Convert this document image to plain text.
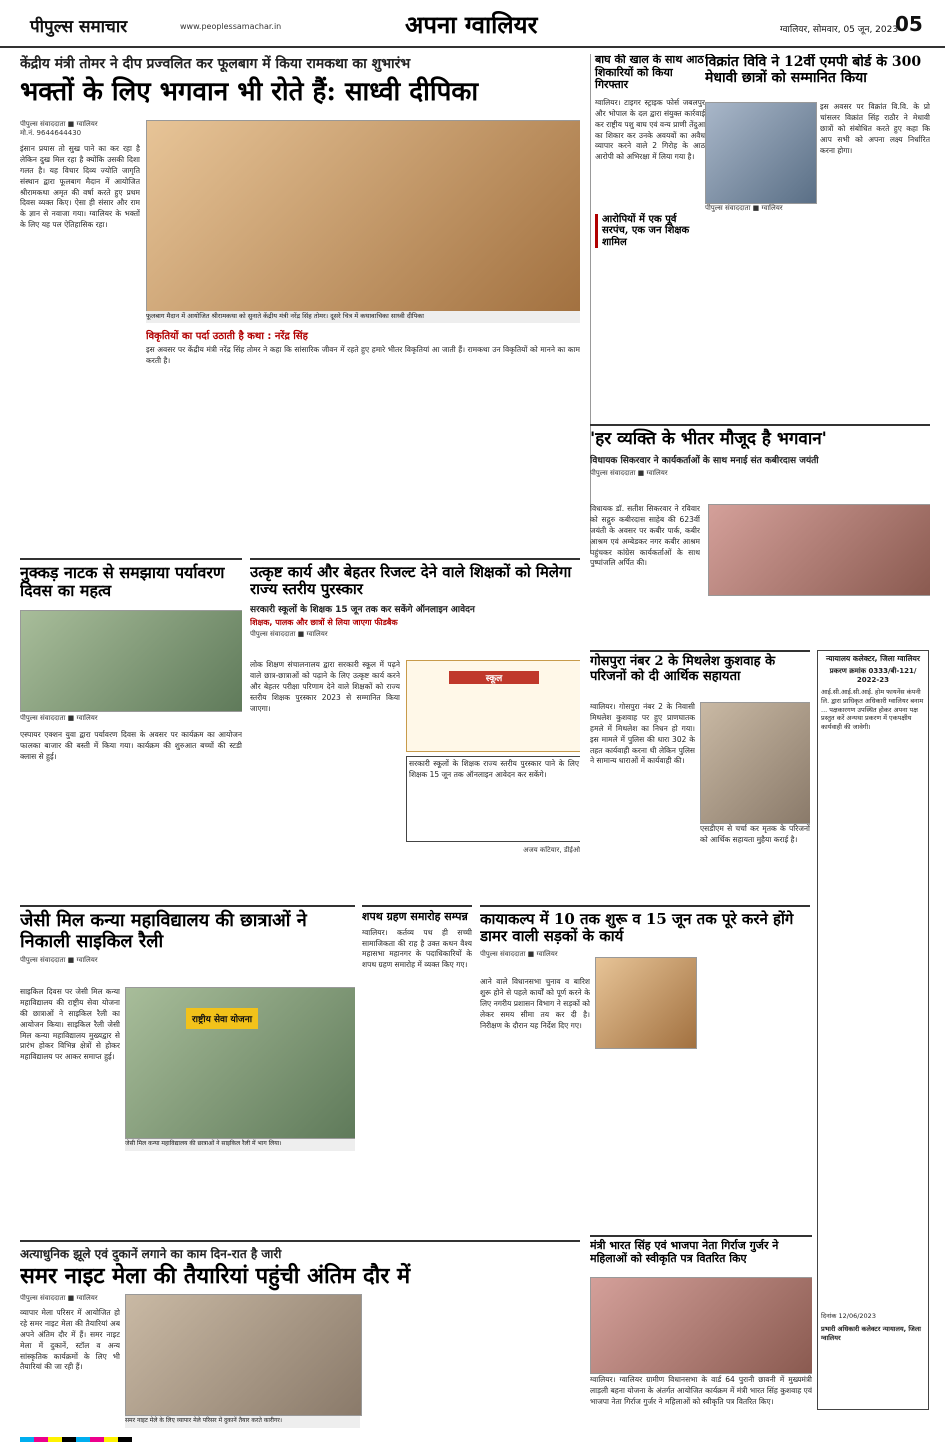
पीपुल्स समाचार	www.peoplessamachar.in	अपना ग्वालियर	ग्वालियर, सोमवार, 05 जून, 2023
05
केंद्रीय मंत्री तोमर ने दीप प्रज्वलित कर फूलबाग में किया रामकथा का शुभारंभ
भक्तों के लिए भगवान भी रोते हैं: साध्वी दीपिका
पीपुल्स संवाददाता ■ ग्वालियर
मो.नं. 9644644430
इंसान प्रयास तो सुख पाने का कर रहा है लेकिन दुख मिल रहा है क्योंकि उसकी दिशा गलत है। यह विचार दिव्य ज्योति जागृति संस्थान द्वारा फूलबाग मैदान में आयोजित श्रीरामकथा अमृत की वर्षा करते हुए प्रथम दिवस व्यक्त किए। ऐसा ही संसार और राम के ज्ञान से नवाजा गया। ग्वालियर के भक्तों के लिए यह पल ऐतिहासिक रहा।
फूलबाग मैदान में आयोजित श्रीरामकथा को सुनाते केंद्रीय मंत्री नरेंद्र सिंह तोमर। दूसरे चित्र में कथावाचिका साध्वी दीपिका
विकृतियों का पर्दा उठाती है कथा : नरेंद्र सिंह
इस अवसर पर केंद्रीय मंत्री नरेंद्र सिंह तोमर ने कहा कि सांसारिक जीवन में रहते हुए हमारे भीतर विकृतियां आ जाती हैं। रामकथा उन विकृतियों को मानने का काम करती है।
बाघ की खाल के साथ आठ शिकारियों को किया गिरफ्तार
ग्वालियर। टाइगर स्ट्राइक फोर्स जबलपुर और भोपाल के दल द्वारा संयुक्त कार्रवाई कर राष्ट्रीय पशु बाघ एवं वन्य प्राणी तेंदुआ का शिकार कर उनके अवयवों का अवैध व्यापार करने वाले 2 गिरोह के आठ आरोपी को अभिरक्षा में लिया गया है।
आरोपियों में एक पूर्व सरपंच, एक जन शिक्षक शामिल
विक्रांत विवि ने 12वीं एमपी बोर्ड के 300 मेधावी छात्रों को सम्मानित किया
पीपुल्स संवाददाता ■ ग्वालियर
इस अवसर पर विक्रांत वि.वि. के प्रो चांसलर विक्रांत सिंह राठौर ने मेधावी छात्रों को संबोधित करते हुए कहा कि आप सभी को अपना लक्ष्य निर्धारित करना होगा।
'हर व्यक्ति के भीतर मौजूद है भगवान'
विधायक सिकरवार ने कार्यकर्ताओं के साथ मनाई संत कबीरदास जयंती
पीपुल्स संवाददाता ■ ग्वालियर
विधायक डॉ. सतीश सिकरवार ने रविवार को सद्गुरु कबीरदास साहेब की 623वीं जयंती के अवसर पर कबीर पार्क, कबीर आश्रम एवं अम्बेडकर नगर कबीर आश्रम पहुंचकर कांग्रेस कार्यकर्ताओं के साथ पुष्पांजलि अर्पित की।
नुक्कड़ नाटक से समझाया पर्यावरण दिवस का महत्व
पीपुल्स संवाददाता ■ ग्वालियर
एस्पायर एक्शन युवा द्वारा पर्यावरण दिवस के अवसर पर कार्यक्रम का आयोजन फालका बाजार की बस्ती में किया गया। कार्यक्रम की शुरुआत बच्चों की स्टडी क्लास से हुई।
उत्कृष्ट कार्य और बेहतर रिजल्ट देने वाले शिक्षकों को मिलेगा राज्य स्तरीय पुरस्कार
सरकारी स्कूलों के शिक्षक 15 जून तक कर सकेंगे ऑनलाइन आवेदन
शिक्षक, पालक और छात्रों से लिया जाएगा फीडबैक
पीपुल्स संवाददाता ■ ग्वालियर
लोक शिक्षण संचालनालय द्वारा सरकारी स्कूल में पढ़ने वाले छात्र-छात्राओं को पढ़ाने के लिए उत्कृष्ट कार्य करने और बेहतर परीक्षा परिणाम देने वाले शिक्षकों को राज्य स्तरीय शिक्षक पुरस्कार 2023 से सम्मानित किया जाएगा।
स्कूल
सरकारी स्कूलों के शिक्षक राज्य स्तरीय पुरस्कार पाने के लिए शिक्षक 15 जून तक ऑनलाइन आवेदन कर सकेंगे।
अजय कटियार, डीईओ
गोसपुरा नंबर 2 के मिथलेश कुशवाह के परिजनों को दी आर्थिक सहायता
ग्वालियर। गोसपुरा नंबर 2 के निवासी मिथलेश कुशवाह पर हुए प्राणघातक हमले में मिथलेश का निधन हो गया। इस मामले में पुलिस की धारा 302 के तहत कार्यवाही करना थी लेकिन पुलिस ने सामान्य धाराओं में कार्यवाही की।
एसडीएम से चर्चा कर मृतक के परिजनों को आर्थिक सहायता मुहैया कराई है।
न्यायालय कलेक्टर, जिला ग्वालियर
प्रकरण क्रमांक 0333/बी-121/ 2022-23
आई.सी.आई.सी.आई. होम फायनेंस कंपनी लि. द्वारा प्राधिकृत अधिकारी ग्वालियर बनाम ... पक्षकारगण उपस्थित होकर अपना पक्ष प्रस्तुत करें अन्यथा प्रकरण में एकपक्षीय कार्यवाही की जावेगी।
दिनांक 12/06/2023
प्रभारी अधिकारी कलेक्टर न्यायालय, जिला ग्वालियर
जेसी मिल कन्या महाविद्यालय की छात्राओं ने निकाली साइकिल रैली
पीपुल्स संवाददाता ■ ग्वालियर
साइकिल दिवस पर जेसी मिल कन्या महाविद्यालय की राष्ट्रीय सेवा योजना की छात्राओं ने साइकिल रैली का आयोजन किया। साइकिल रैली जेसी मिल कन्या महाविद्यालय मुख्यद्वार से प्रारंभ होकर विभिन्न क्षेत्रों से होकर महाविद्यालय पर आकर समाप्त हुई।
राष्ट्रीय सेवा योजना
जेसी मिल कन्या महाविद्यालय की छात्राओं ने साइकिल रैली में भाग लिया।
शपथ ग्रहण समारोह सम्पन्न
ग्वालियर। कर्तव्य पथ ही सच्ची सामाजिकता की राह है उक्त कथन वैश्य महासभा महानगर के पदाधिकारियों के शपथ ग्रहण समारोह में व्यक्त किए गए।
कायाकल्प में 10 तक शुरू व 15 जून तक पूरे करने होंगे डामर वाली सड़कों के कार्य
पीपुल्स संवाददाता ■ ग्वालियर
आने वाले विधानसभा चुनाव व बारिश शुरू होने से पहले कार्यों को पूर्ण करने के लिए नगरीय प्रशासन विभाग ने सड़कों को लेकर समय सीमा तय कर दी है। निरीक्षण के दौरान यह निर्देश दिए गए।
मंत्री भारत सिंह एवं भाजपा नेता गिर्राज गुर्जर ने महिलाओं को स्वीकृति पत्र वितरित किए
ग्वालियर। ग्वालियर ग्रामीण विधानसभा के वार्ड 64 पुरानी छावनी में मुख्यमंत्री लाड़ली बहना योजना के अंतर्गत आयोजित कार्यक्रम में मंत्री भारत सिंह कुशवाह एवं भाजपा नेता गिर्राज गुर्जर ने महिलाओं को स्वीकृति पत्र वितरित किए।
अत्याधुनिक झूले एवं दुकानें लगाने का काम दिन-रात है जारी
समर नाइट मेला की तैयारियां पहुंची अंतिम दौर में
पीपुल्स संवाददाता ■ ग्वालियर
व्यापार मेला परिसर में आयोजित हो रहे समर नाइट मेला की तैयारियां अब अपने अंतिम दौर में हैं। समर नाइट मेला में दुकानें, स्टॉल व अन्य सांस्कृतिक कार्यक्रमों के लिए भी तैयारियां की जा रही हैं।
समर नाइट मेले के लिए व्यापार मेले परिसर में दुकानें तैयार करते कारीगर।
